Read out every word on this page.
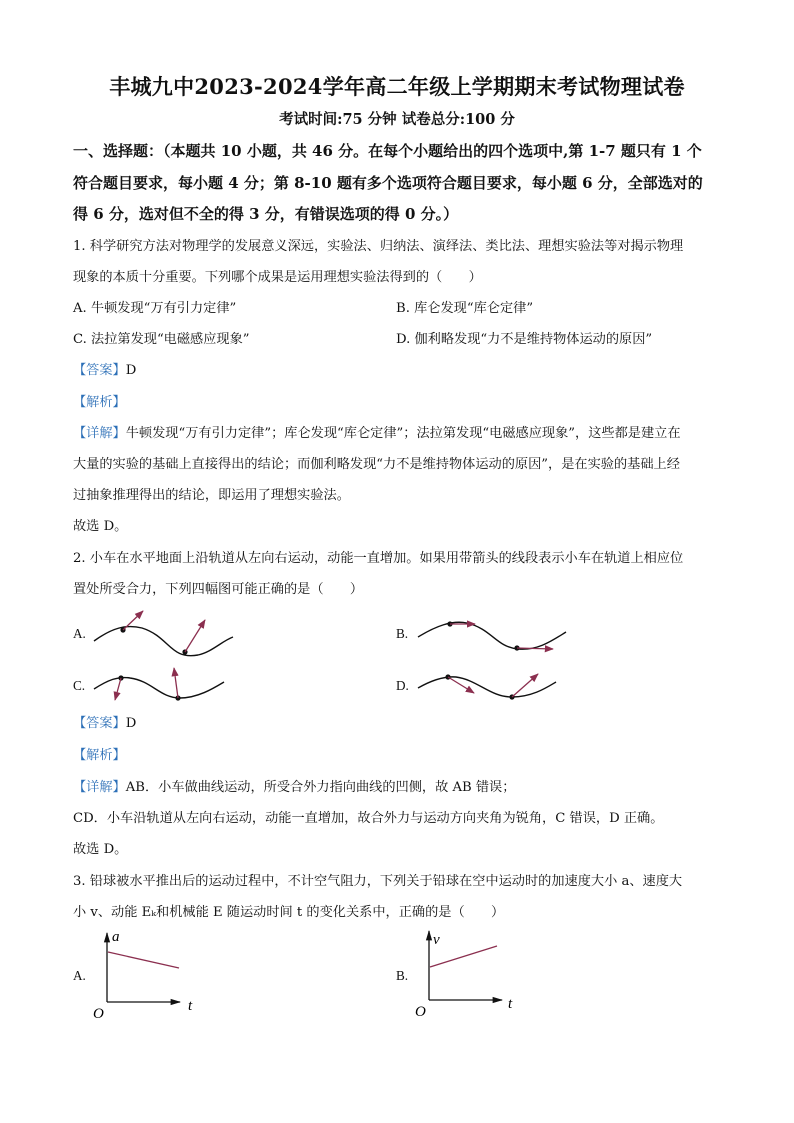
丰城九中2023-2024学年高二年级上学期期末考试物理试卷
考试时间:75 分钟 试卷总分:100 分
一、选择题：（本题共 10 小题，共 46 分。在每个小题给出的四个选项中,第 1-7 题只有 1 个
符合题目要求，每小题 4 分；第 8-10 题有多个选项符合题目要求，每小题 6 分，全部选对的
得 6 分，选对但不全的得 3 分，有错误选项的得 0 分。）
1. 科学研究方法对物理学的发展意义深远，实验法、归纳法、演绎法、类比法、理想实验法等对揭示物理
现象的本质十分重要。下列哪个成果是运用理想实验法得到的（　　）
A. 牛顿发现“万有引力定律”	B. 库仑发现“库仑定律”
C. 法拉第发现“电磁感应现象”	D. 伽利略发现“力不是维持物体运动的原因”
【答案】D
【解析】
【详解】牛顿发现“万有引力定律”；库仑发现“库仑定律”；法拉第发现“电磁感应现象”，这些都是建立在
大量的实验的基础上直接得出的结论；而伽利略发现“力不是维持物体运动的原因”，是在实验的基础上经
过抽象推理得出的结论，即运用了理想实验法。
故选 D。
2. 小车在水平地面上沿轨道从左向右运动，动能一直增加。如果用带箭头的线段表示小车在轨道上相应位
置处所受合力，下列四幅图可能正确的是（　　）
A.	B.
C.	D.
a
t
O
v
t
O
【答案】D
【解析】
【详解】AB．小车做曲线运动，所受合外力指向曲线的凹侧，故 AB 错误；
CD．小车沿轨道从左向右运动，动能一直增加，故合外力与运动方向夹角为锐角，C 错误，D 正确。
故选 D。
3. 铅球被水平推出后的运动过程中，不计空气阻力，下列关于铅球在空中运动时的加速度大小 a、速度大
小 v、动能 Eₖ和机械能 E 随运动时间 t 的变化关系中，正确的是（　　）
A.	B.
